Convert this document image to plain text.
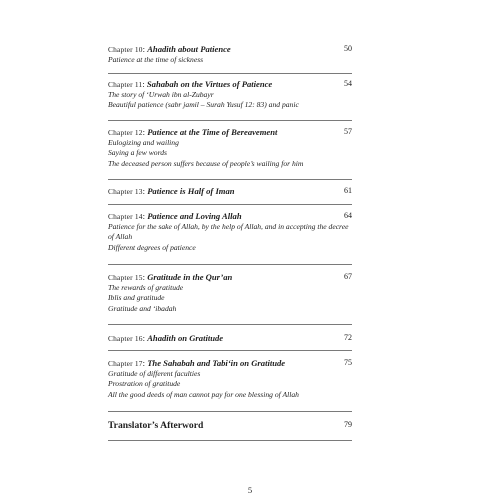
Chapter 10: Ahadith about Patience	50
Patience at the time of sickness
Chapter 11: Sahabah on the Virtues of Patience	54
The story of ‘Urwah ibn al-Zubayr
Beautiful patience (sabr jamil – Surah Yusuf 12: 83) and panic
Chapter 12: Patience at the Time of Bereavement	57
Eulogizing and wailing
Saying a few words
The deceased person suffers because of people’s wailing for him
Chapter 13: Patience is Half of Iman	61
Chapter 14: Patience and Loving Allah	64
Patience for the sake of Allah, by the help of Allah, and in accepting the decree of Allah
Different degrees of patience
Chapter 15: Gratitude in the Qur’an	67
The rewards of gratitude
Iblis and gratitude
Gratitude and ‘ibadah
Chapter 16: Ahadith on Gratitude	72
Chapter 17: The Sahabah and Tabi‘in on Gratitude	75
Gratitude of different faculties
Prostration of gratitude
All the good deeds of man cannot pay for one blessing of Allah
Translator’s Afterword	79
5
